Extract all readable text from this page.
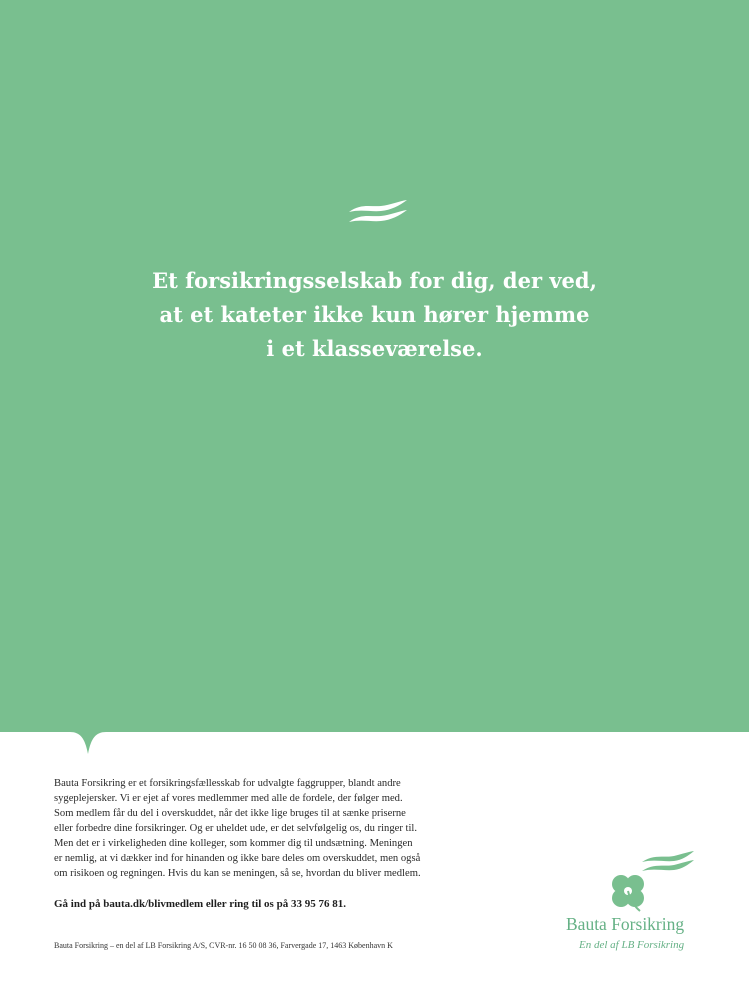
Et forsikringsselskab for dig, der ved,
at et kateter ikke kun hører hjemme
i et klasseværelse.
Bauta Forsikring er et forsikringsfællesskab for udvalgte faggrupper, blandt andre
sygeplejersker. Vi er ejet af vores medlemmer med alle de fordele, der følger med.
Som medlem får du del i overskuddet, når det ikke lige bruges til at sænke priserne
eller forbedre dine forsikringer. Og er uheldet ude, er det selvfølgelig os, du ringer til.
Men det er i virkeligheden dine kolleger, som kommer dig til undsætning. Meningen
er nemlig, at vi dækker ind for hinanden og ikke bare deles om overskuddet, men også
om risikoen og regningen. Hvis du kan se meningen, så se, hvordan du bliver medlem.
Gå ind på bauta.dk/blivmedlem eller ring til os på 33 95 76 81.
Bauta Forsikring – en del af LB Forsikring A/S, CVR-nr. 16 50 08 36, Farvergade 17, 1463 København K
Bauta Forsikring
En del af LB Forsikring
